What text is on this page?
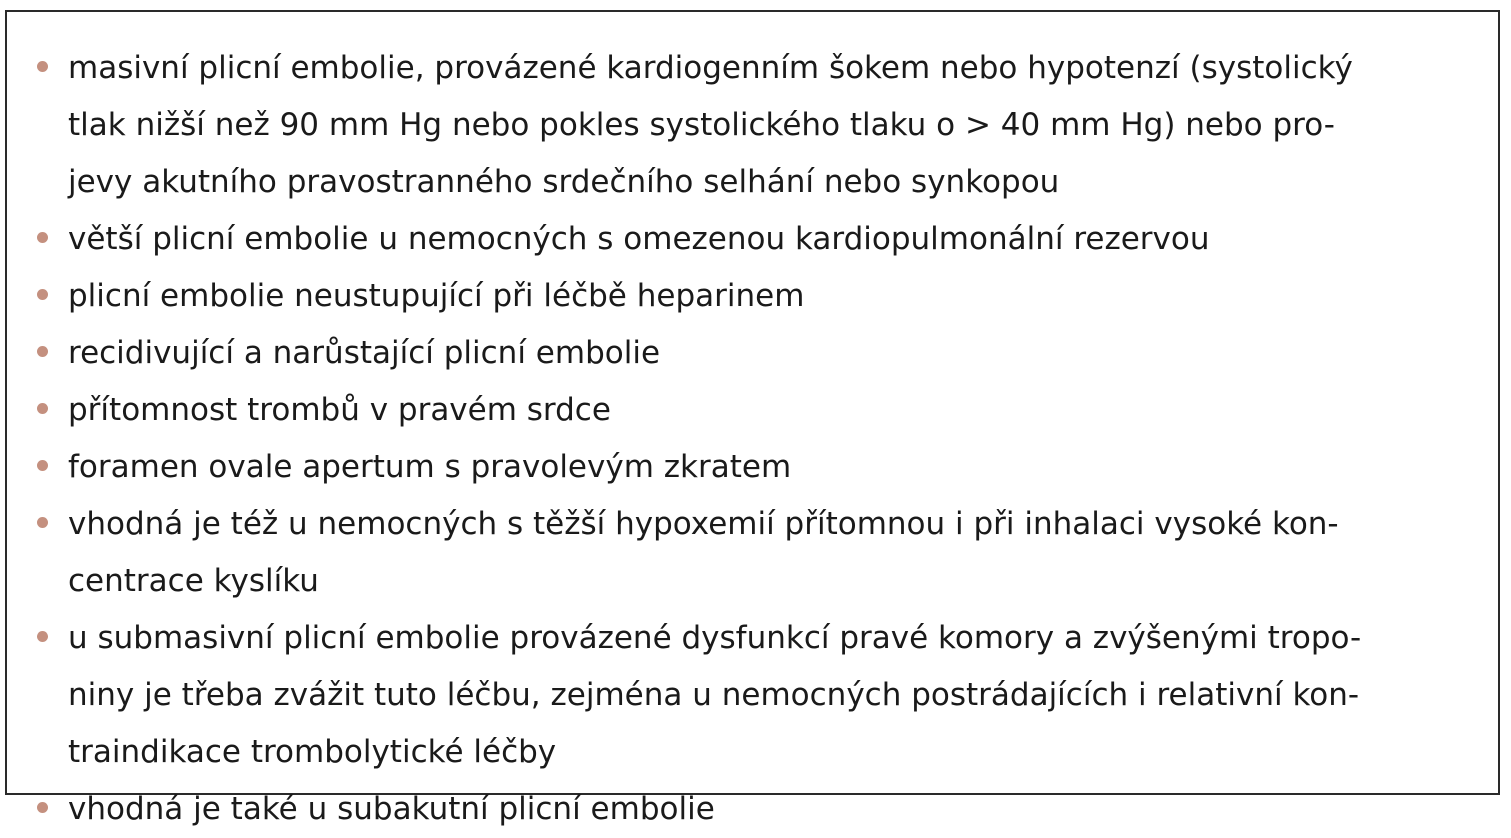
masivní plicní embolie, provázené kardiogenním šokem nebo hypotenzí (systolický
tlak nižší než 90 mm Hg nebo pokles systolického tlaku o > 40 mm Hg) nebo pro-
jevy akutního pravostranného srdečního selhání nebo synkopou
větší plicní embolie u nemocných s omezenou kardiopulmonální rezervou
plicní embolie neustupující při léčbě heparinem
recidivující a narůstající plicní embolie
přítomnost trombů v pravém srdce
foramen ovale apertum s pravolevým zkratem
vhodná je též u nemocných s těžší hypoxemií přítomnou i při inhalaci vysoké kon-
centrace kyslíku
u submasivní plicní embolie provázené dysfunkcí pravé komory a zvýšenými tropo-
niny je třeba zvážit tuto léčbu, zejména u nemocných postrádajících i relativní kon-
traindikace trombolytické léčby
vhodná je také u subakutní plicní embolie
